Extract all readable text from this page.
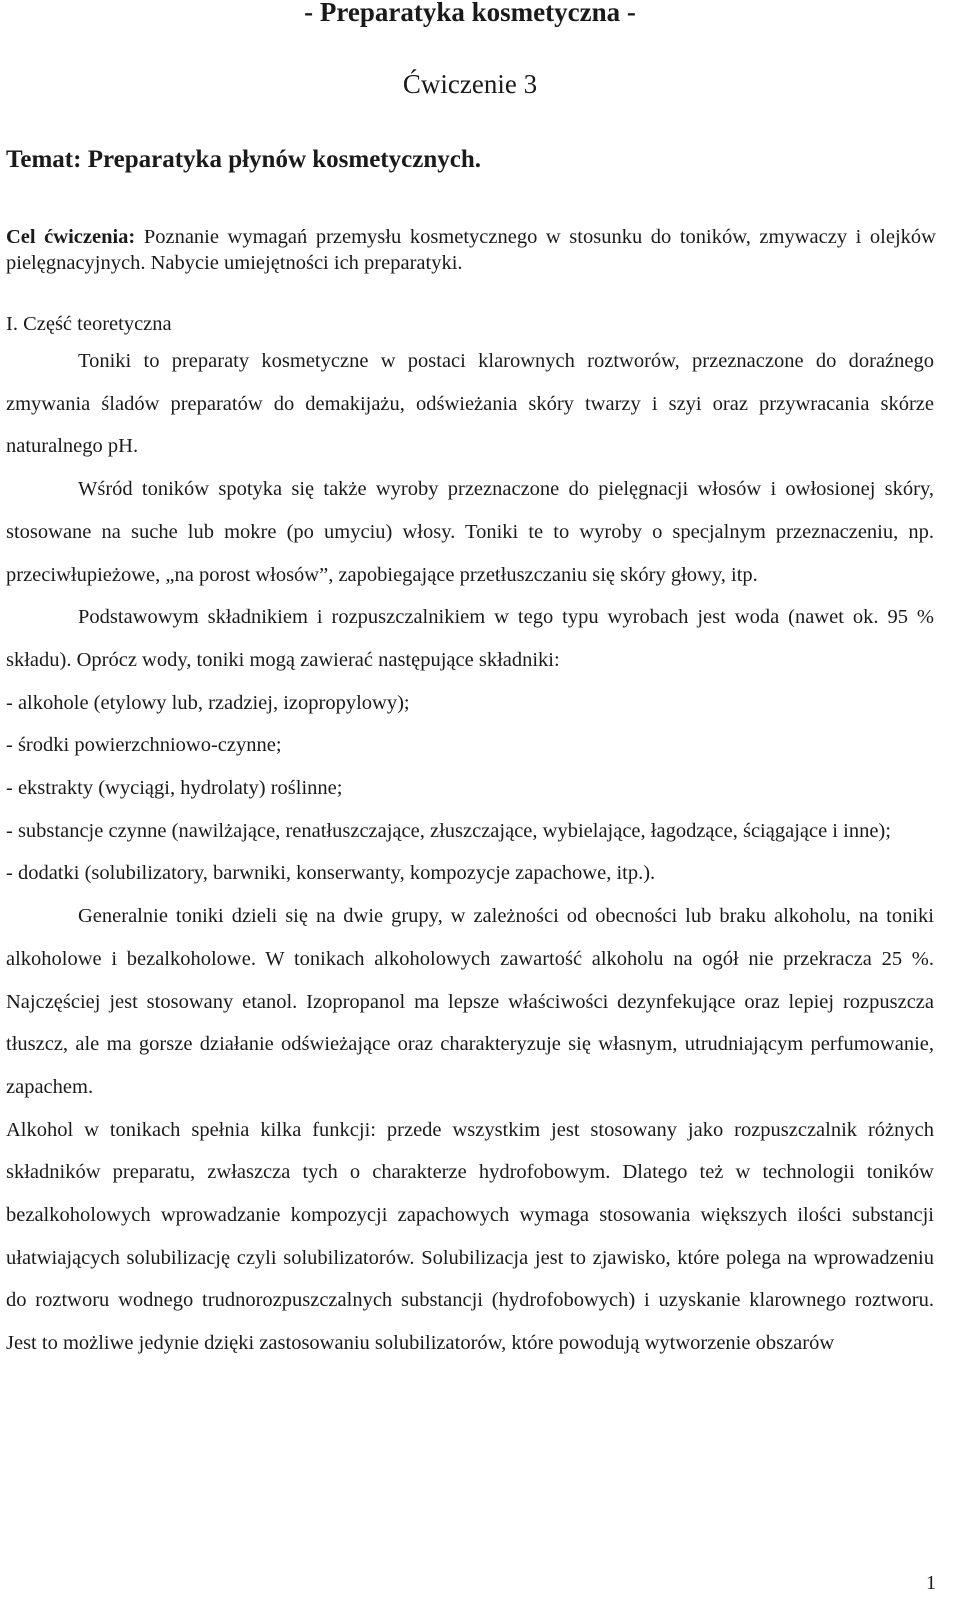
- Preparatyka kosmetyczna -
Ćwiczenie 3
Temat: Preparatyka płynów kosmetycznych.

Cel ćwiczenia: Poznanie wymagań przemysłu kosmetycznego w stosunku do toników, zmywaczy i olejków pielęgnacyjnych. Nabycie umiejętności ich preparatyki.

I. Część teoretyczna

Toniki to preparaty kosmetyczne w postaci klarownych roztworów, przeznaczone do doraźnego zmywania śladów preparatów do demakijażu, odświeżania skóry twarzy i szyi oraz przywracania skórze naturalnego pH.

Wśród toników spotyka się także wyroby przeznaczone do pielęgnacji włosów i owłosionej skóry, stosowane na suche lub mokre (po umyciu) włosy. Toniki te to wyroby o specjalnym przeznaczeniu, np. przeciwłupieżowe, „na porost włosów”, zapobiegające przetłuszczaniu się skóry głowy, itp.

Podstawowym składnikiem i rozpuszczalnikiem w tego typu wyrobach jest woda (nawet ok. 95 % składu). Oprócz wody, toniki mogą zawierać następujące składniki:

- alkohole (etylowy lub, rzadziej, izopropylowy);
- środki powierzchniowo-czynne;
- ekstrakty (wyciągi, hydrolaty) roślinne;
- substancje czynne (nawilżające, renatłuszczające, złuszczające, wybielające, łagodzące, ściągające i inne);
- dodatki (solubilizatory, barwniki, konserwanty, kompozycje zapachowe, itp.).

Generalnie toniki dzieli się na dwie grupy, w zależności od obecności lub braku alkoholu, na toniki alkoholowe i bezalkoholowe. W tonikach alkoholowych zawartość alkoholu na ogół nie przekracza 25 %. Najczęściej jest stosowany etanol. Izopropanol ma lepsze właściwości dezynfekujące oraz lepiej rozpuszcza tłuszcz, ale ma gorsze działanie odświeżające oraz charakteryzuje się własnym, utrudniającym perfumowanie, zapachem.

Alkohol w tonikach spełnia kilka funkcji: przede wszystkim jest stosowany jako rozpuszczalnik różnych składników preparatu, zwłaszcza tych o charakterze hydrofobowym. Dlatego też w technologii toników bezalkoholowych wprowadzanie kompozycji zapachowych wymaga stosowania większych ilości substancji ułatwiających solubilizację czyli solubilizatorów. Solubilizacja jest to zjawisko, które polega na wprowadzeniu do roztworu wodnego trudnorozpuszczalnych substancji (hydrofobowych) i uzyskanie klarownego roztworu. Jest to możliwe jedynie dzięki zastosowaniu solubilizatorów, które powodują wytworzenie obszarów

1
